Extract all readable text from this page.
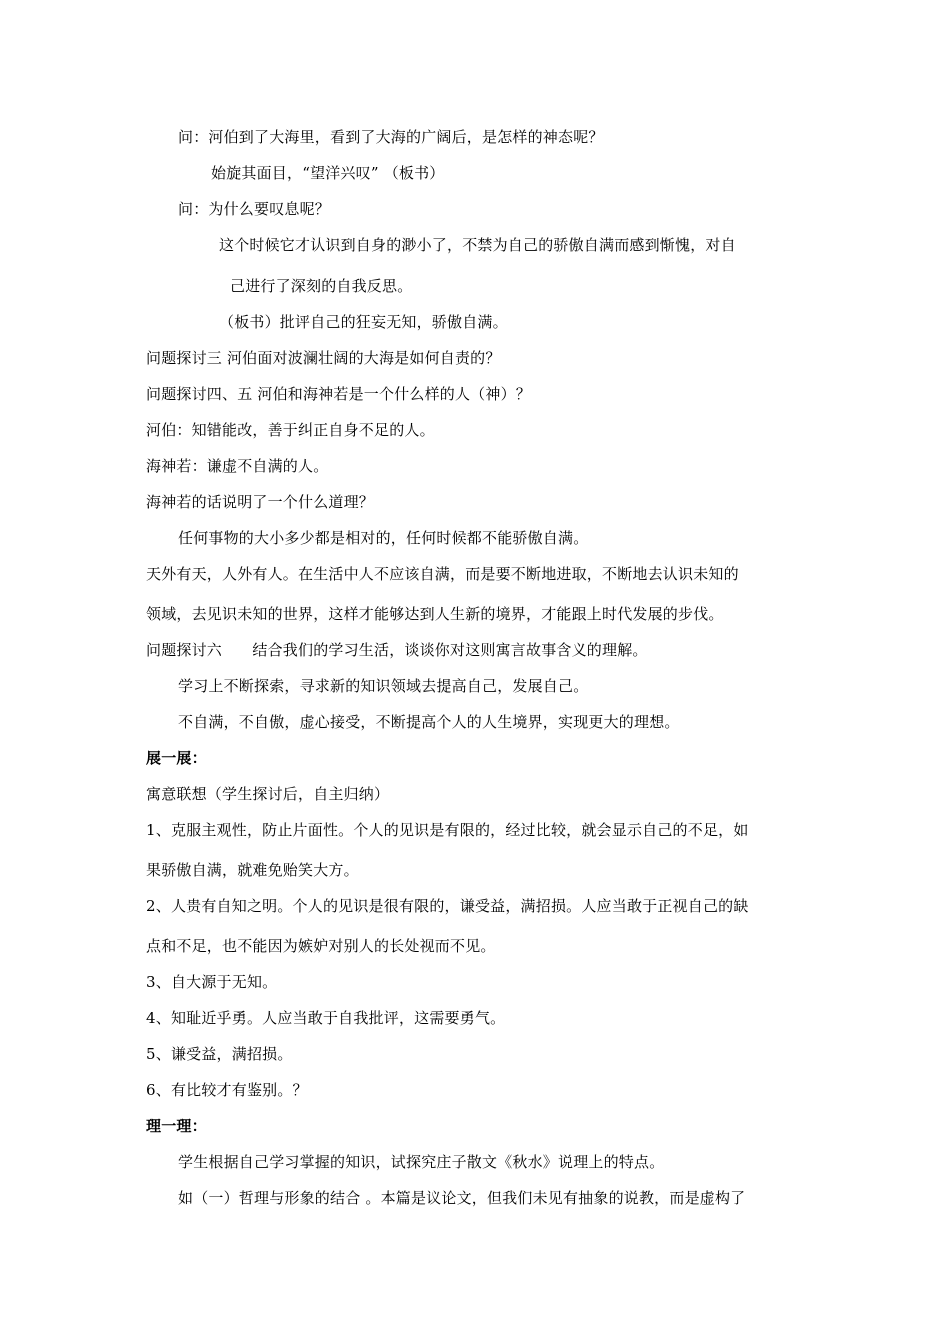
问：河伯到了大海里，看到了大海的广阔后，是怎样的神态呢？
始旋其面目，“望洋兴叹” （板书）
问：为什么要叹息呢？
这个时候它才认识到自身的渺小了，不禁为自己的骄傲自满而感到惭愧，对自
己进行了深刻的自我反思。
（板书）批评自己的狂妄无知，骄傲自满。
问题探讨三 河伯面对波澜壮阔的大海是如何自责的？
问题探讨四、五 河伯和海神若是一个什么样的人（神）？
河伯：知错能改，善于纠正自身不足的人。
海神若：谦虚不自满的人。
海神若的话说明了一个什么道理？
任何事物的大小多少都是相对的，任何时候都不能骄傲自满。
天外有天，人外有人。在生活中人不应该自满，而是要不断地进取，不断地去认识未知的
领域，去见识未知的世界，这样才能够达到人生新的境界，才能跟上时代发展的步伐。
问题探讨六　　结合我们的学习生活，谈谈你对这则寓言故事含义的理解。
学习上不断探索，寻求新的知识领域去提高自己，发展自己。
不自满，不自傲，虚心接受，不断提高个人的人生境界，实现更大的理想。
展一展：
寓意联想（学生探讨后，自主归纳）
1、克服主观性，防止片面性。个人的见识是有限的，经过比较，就会显示自己的不足，如
果骄傲自满，就难免贻笑大方。
2、人贵有自知之明。个人的见识是很有限的，谦受益，满招损。人应当敢于正视自己的缺
点和不足，也不能因为嫉妒对别人的长处视而不见。
3、自大源于无知。
4、知耻近乎勇。人应当敢于自我批评，这需要勇气。
5、谦受益，满招损。
6、有比较才有鉴别。？
理一理：
学生根据自己学习掌握的知识，试探究庄子散文《秋水》说理上的特点。
如（一）哲理与形象的结合 。本篇是议论文，但我们未见有抽象的说教，而是虚构了
